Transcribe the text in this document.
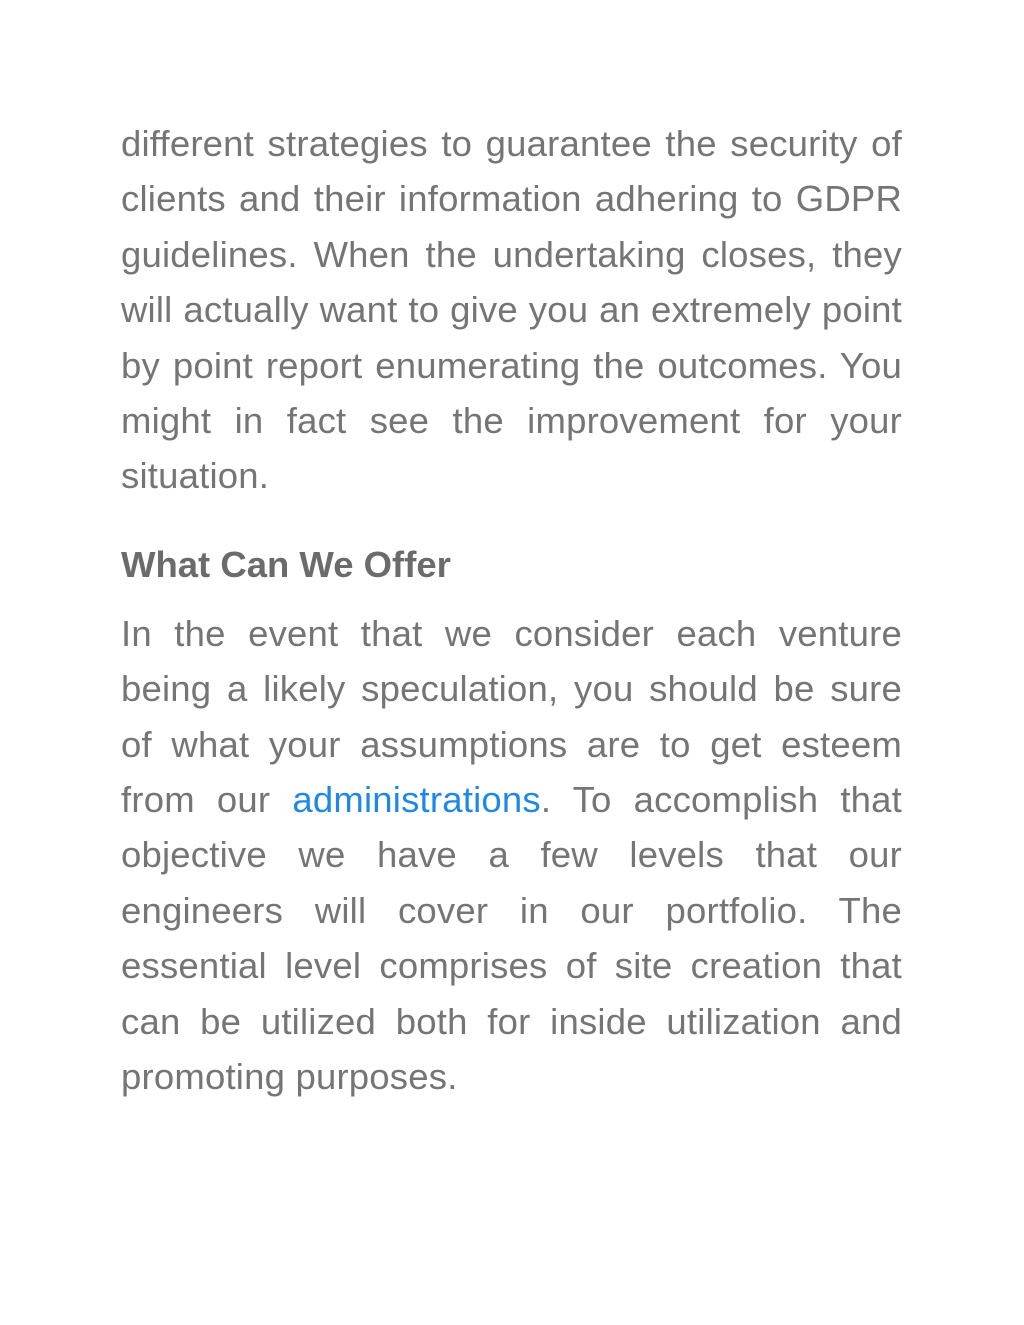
different strategies to guarantee the security of clients and their information adhering to GDPR guidelines. When the undertaking closes, they will actually want to give you an extremely point by point report enumerating the outcomes. You might in fact see the improvement for your situation.

What Can We Offer

In the event that we consider each venture being a likely speculation, you should be sure of what your assumptions are to get esteem from our administrations. To accomplish that objective we have a few levels that our engineers will cover in our portfolio. The essential level comprises of site creation that can be utilized both for inside utilization and promoting purposes.
